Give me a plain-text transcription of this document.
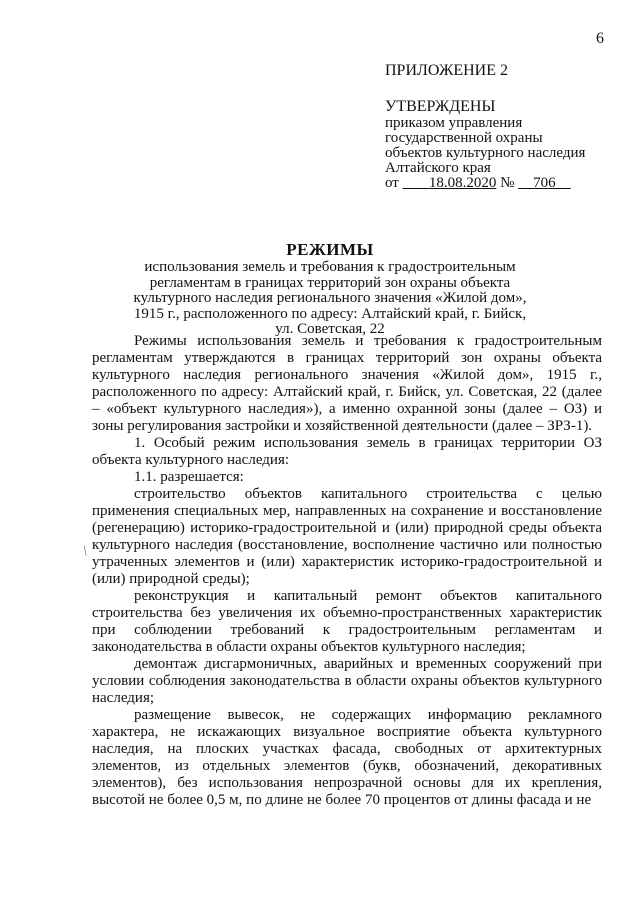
6
ПРИЛОЖЕНИЕ 2
УТВЕРЖДЕНЫ
приказом управления
государственной охраны
объектов культурного наследия
Алтайского края
от 18.08.2020 № 706
РЕЖИМЫ
использования земель и требования к градостроительным
регламентам в границах территорий зон охраны объекта
культурного наследия регионального значения «Жилой дом»,
1915 г., расположенного по адресу: Алтайский край, г. Бийск,
ул. Советская, 22

Режимы использования земель и требования к градостроительным регламентам утверждаются в границах территорий зон охраны объекта культурного наследия регионального значения «Жилой дом», 1915 г., расположенного по адресу: Алтайский край, г. Бийск, ул. Советская, 22 (далее – «объект культурного наследия»), а именно охранной зоны (далее – ОЗ) и зоны регулирования застройки и хозяйственной деятельности (далее – ЗРЗ-1).

1. Особый режим использования земель в границах территории ОЗ объекта культурного наследия:

1.1. разрешается:

строительство объектов капитального строительства с целью применения специальных мер, направленных на сохранение и восстановление (регенерацию) историко-градостроительной и (или) природной среды объекта культурного наследия (восстановление, восполнение частично или полностью утраченных элементов и (или) характеристик историко-градостроительной и (или) природной среды);

реконструкция и капитальный ремонт объектов капитального строительства без увеличения их объемно-пространственных характеристик при соблюдении требований к градостроительным регламентам и законодательства в области охраны объектов культурного наследия;

демонтаж дисгармоничных, аварийных и временных сооружений при условии соблюдения законодательства в области охраны объектов культурного наследия;

размещение вывесок, не содержащих информацию рекламного характера, не искажающих визуальное восприятие объекта культурного наследия, на плоских участках фасада, свободных от архитектурных элементов, из отдельных элементов (букв, обозначений, декоративных элементов), без использования непрозрачной основы для их крепления, высотой не более 0,5 м, по длине не более 70 процентов от длины фасада и не

/
